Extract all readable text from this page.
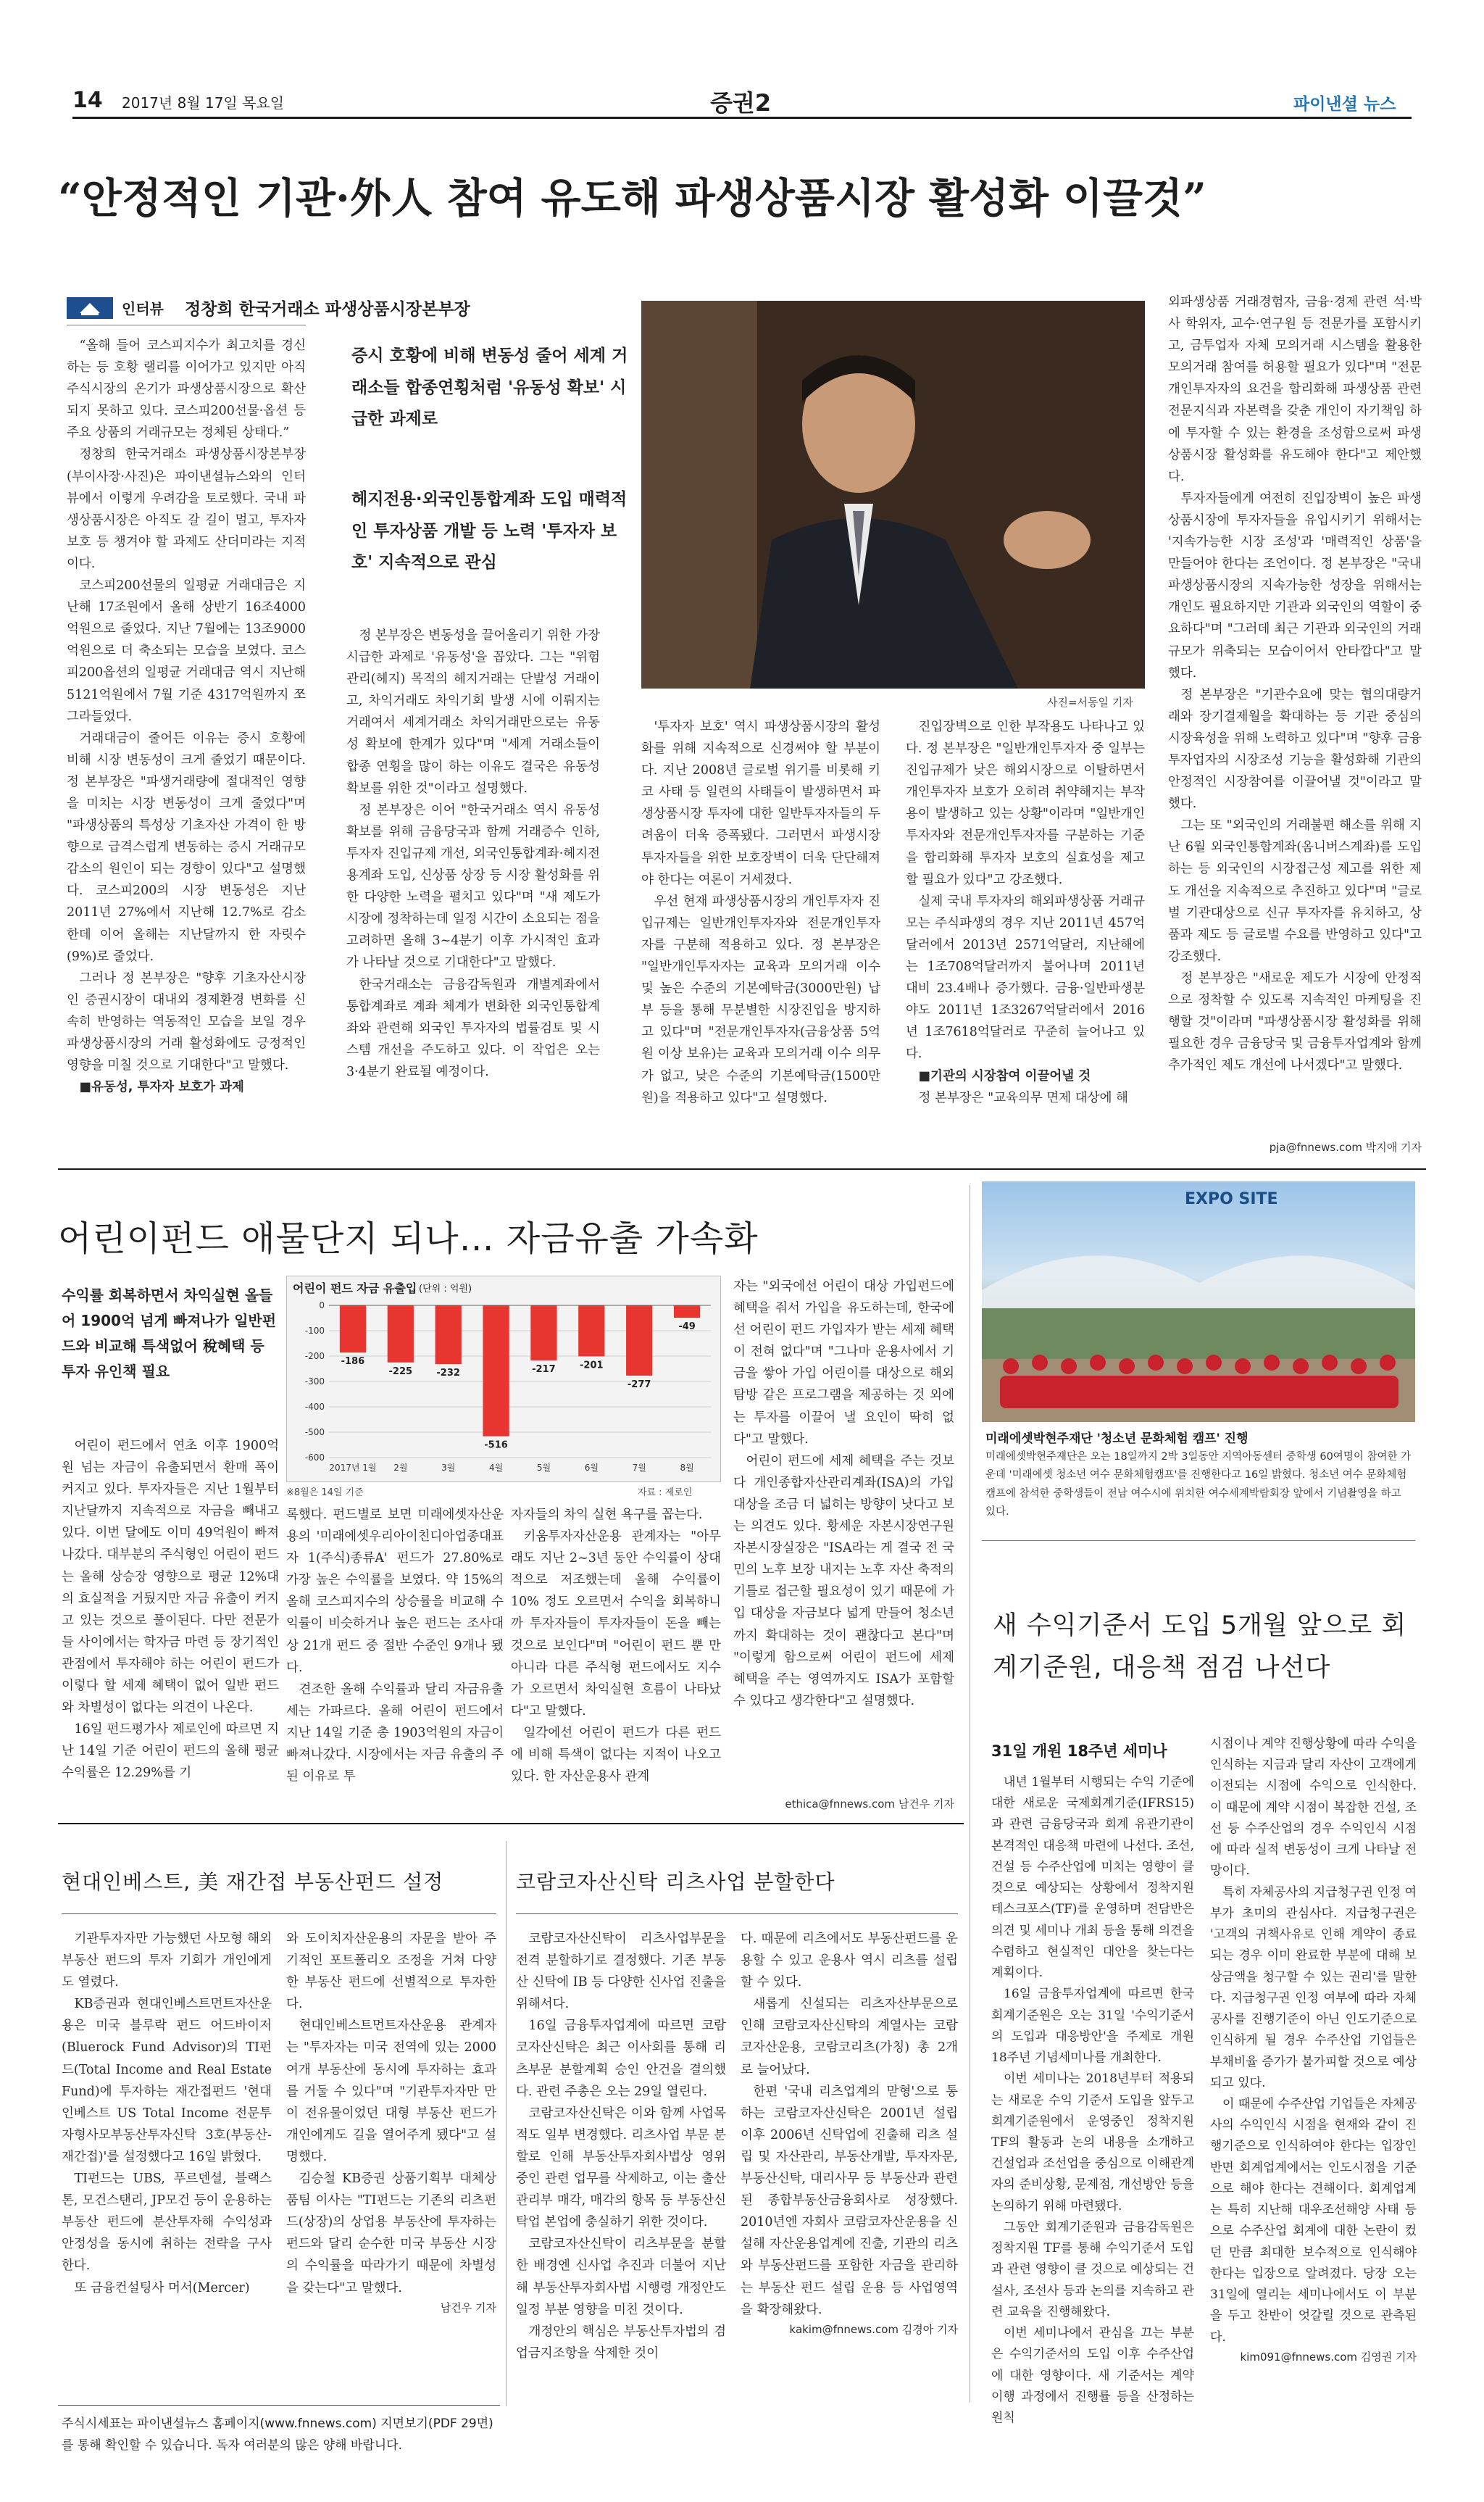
14 2017년 8월 17일 목요일	증권2	파이낸셜 뉴스
“안정적인 기관·外人 참여 유도해 파생상품시장 활성화 이끌것”
인터뷰 정창희 한국거래소 파생상품시장본부장

“올해 들어 코스피지수가 최고치를 경신하는 등 호황 랠리를 이어가고 있지만 아직 주식시장의 온기가 파생상품시장으로 확산되지 못하고 있다. 코스피200선물·옵션 등 주요 상품의 거래규모는 정체된 상태다.”

정창희 한국거래소 파생상품시장본부장(부이사장·사진)은 파이낸셜뉴스와의 인터뷰에서 이렇게 우려감을 토로했다. 국내 파생상품시장은 아직도 갈 길이 멀고, 투자자 보호 등 챙겨야 할 과제도 산더미라는 지적이다.

코스피200선물의 일평균 거래대금은 지난해 17조원에서 올해 상반기 16조4000억원으로 줄었다. 지난 7월에는 13조9000억원으로 더 축소되는 모습을 보였다. 코스피200옵션의 일평균 거래대금 역시 지난해 5121억원에서 7월 기준 4317억원까지 쪼그라들었다.

거래대금이 줄어든 이유는 증시 호황에 비해 시장 변동성이 크게 줄었기 때문이다. 정 본부장은 "파생거래량에 절대적인 영향을 미치는 시장 변동성이 크게 줄었다"며 "파생상품의 특성상 기초자산 가격이 한 방향으로 급격스럽게 변동하는 증시 거래규모 감소의 원인이 되는 경향이 있다"고 설명했다. 코스피200의 시장 변동성은 지난 2011년 27%에서 지난해 12.7%로 감소한데 이어 올해는 지난달까지 한 자릿수(9%)로 줄었다.

그러나 정 본부장은 "향후 기초자산시장인 증권시장이 대내외 경제환경 변화를 신속히 반영하는 역동적인 모습을 보일 경우 파생상품시장의 거래 활성화에도 긍정적인 영향을 미칠 것으로 기대한다"고 말했다.

■유동성, 투자자 보호가 과제

증시 호황에 비해 변동성 줄어 세계 거래소들 합종연횡처럼 '유동성 확보' 시급한 과제로
헤지전용·외국인통합계좌 도입 매력적인 투자상품 개발 등 노력 '투자자 보호' 지속적으로 관심

정 본부장은 변동성을 끌어올리기 위한 가장 시급한 과제로 '유동성'을 꼽았다. 그는 "위험관리(헤지) 목적의 헤지거래는 단발성 거래이고, 차익거래도 차익기회 발생 시에 이뤄지는 거래여서 세계거래소 차익거래만으로는 유동성 확보에 한계가 있다"며 "세계 거래소들이 합종 연횡을 많이 하는 이유도 결국은 유동성 확보를 위한 것"이라고 설명했다.

정 본부장은 이어 "한국거래소 역시 유동성 확보를 위해 금융당국과 함께 거래증수 인하, 투자자 진입규제 개선, 외국인통합계좌·헤지전용계좌 도입, 신상품 상장 등 시장 활성화를 위한 다양한 노력을 펼치고 있다"며 "새 제도가 시장에 정착하는데 일정 시간이 소요되는 점을 고려하면 올해 3~4분기 이후 가시적인 효과가 나타날 것으로 기대한다"고 말했다.

한국거래소는 금융감독원과 개별계좌에서 통합계좌로 계좌 체계가 변화한 외국인통합계좌와 관련해 외국인 투자자의 법률검토 및 시스템 개선을 주도하고 있다. 이 작업은 오는 3·4분기 완료될 예정이다.

사진=서동일 기자

'투자자 보호' 역시 파생상품시장의 활성화를 위해 지속적으로 신경써야 할 부분이다. 지난 2008년 글로벌 위기를 비롯해 키코 사태 등 일련의 사태들이 발생하면서 파생상품시장 투자에 대한 일반투자자들의 두려움이 더욱 증폭됐다. 그러면서 파생시장 투자자들을 위한 보호장벽이 더욱 단단해져야 한다는 여론이 거세졌다.

우선 현재 파생상품시장의 개인투자자 진입규제는 일반개인투자자와 전문개인투자자를 구분해 적용하고 있다. 정 본부장은 "일반개인투자자는 교육과 모의거래 이수 및 높은 수준의 기본예탁금(3000만원) 납부 등을 통해 무분별한 시장진입을 방지하고 있다"며 "전문개인투자자(금융상품 5억원 이상 보유)는 교육과 모의거래 이수 의무가 없고, 낮은 수준의 기본예탁금(1500만원)을 적용하고 있다"고 설명했다.

진입장벽으로 인한 부작용도 나타나고 있다. 정 본부장은 "일반개인투자자 중 일부는 진입규제가 낮은 해외시장으로 이탈하면서 개인투자자 보호가 오히려 취약해지는 부작용이 발생하고 있는 상황"이라며 "일반개인투자자와 전문개인투자자를 구분하는 기준을 합리화해 투자자 보호의 실효성을 제고할 필요가 있다"고 강조했다.

실제 국내 투자자의 해외파생상품 거래규모는 주식파생의 경우 지난 2011년 457억달러에서 2013년 2571억달러, 지난해에는 1조708억달러까지 불어나며 2011년 대비 23.4배나 증가했다. 금융·일반파생분야도 2011년 1조3267억달러에서 2016년 1조7618억달러로 꾸준히 늘어나고 있다.

■기관의 시장참여 이끌어낼 것

정 본부장은 "교육의무 면제 대상에 해

외파생상품 거래경험자, 금융·경제 관련 석·박사 학위자, 교수·연구원 등 전문가를 포함시키고, 금투업자 자체 모의거래 시스템을 활용한 모의거래 참여를 허용할 필요가 있다"며 "전문개인투자자의 요건을 합리화해 파생상품 관련 전문지식과 자본력을 갖춘 개인이 자기책임 하에 투자할 수 있는 환경을 조성함으로써 파생상품시장 활성화를 유도해야 한다"고 제안했다.

투자자들에게 여전히 진입장벽이 높은 파생상품시장에 투자자들을 유입시키기 위해서는 '지속가능한 시장 조성'과 '매력적인 상품'을 만들어야 한다는 조언이다. 정 본부장은 "국내 파생상품시장의 지속가능한 성장을 위해서는 개인도 필요하지만 기관과 외국인의 역할이 중요하다"며 "그러데 최근 기관과 외국인의 거래규모가 위축되는 모습이어서 안타깝다"고 말했다.

정 본부장은 "기관수요에 맞는 협의대량거래와 장기결제월을 확대하는 등 기관 중심의 시장육성을 위해 노력하고 있다"며 "향후 금융투자업자의 시장조성 기능을 활성화해 기관의 안정적인 시장참여를 이끌어낼 것"이라고 말했다.

그는 또 "외국인의 거래불편 해소를 위해 지난 6월 외국인통합계좌(옴니버스계좌)를 도입하는 등 외국인의 시장접근성 제고를 위한 제도 개선을 지속적으로 추진하고 있다"며 "글로벌 기관대상으로 신규 투자자를 유치하고, 상품과 제도 등 글로벌 수요를 반영하고 있다"고 강조했다.

정 본부장은 "새로운 제도가 시장에 안정적으로 정착할 수 있도록 지속적인 마케팅을 진행할 것"이라며 "파생상품시장 활성화를 위해 필요한 경우 금융당국 및 금융투자업계와 함께 추가적인 제도 개선에 나서겠다"고 말했다.

pja@fnnews.com 박지애 기자
어린이펀드 애물단지 되나… 자금유출 가속화
수익률 회복하면서 차익실현 올들어 1900억 넘게 빠져나가 일반펀드와 비교해 특색없어 稅혜택 등 투자 유인책 필요
어린이 펀드 자금 유출입 (단위 : 억원)
0
-100
-200
-300
-400
-500
-600
-186
2017년 1월
-225
2월
-232
3월
-516
4월
-217
5월
-201
6월
-277
7월
-49
8월
※8월은 14일 기준	자료 : 제로인

어린이 펀드에서 연초 이후 1900억원 넘는 자금이 유출되면서 환매 폭이 커지고 있다. 투자자들은 지난 1월부터 지난달까지 지속적으로 자금을 빼내고 있다. 이번 달에도 이미 49억원이 빠져나갔다. 대부분의 주식형인 어린이 펀드는 올해 상승장 영향으로 평균 12%대의 효실적을 거뒀지만 자금 유출이 커지고 있는 것으로 풀이된다. 다만 전문가들 사이에서는 학자금 마련 등 장기적인 관점에서 투자해야 하는 어린이 펀드가 이렇다 할 세제 혜택이 없어 일반 펀드와 차별성이 없다는 의견이 나온다.

16일 펀드평가사 제로인에 따르면 지난 14일 기준 어린이 펀드의 올해 평균 수익률은 12.29%를 기

록했다. 펀드별로 보면 미래에셋자산운용의 '미래에셋우리아이친디아업종대표자 1(주식)종류A' 펀드가 27.80%로 가장 높은 수익률을 보였다. 약 15%의 올해 코스피지수의 상승률을 비교해 수익률이 비슷하거나 높은 펀드는 조사대상 21개 펀드 중 절반 수준인 9개나 됐다.

견조한 올해 수익률과 달리 자금유출세는 가파르다. 올해 어린이 펀드에서 지난 14일 기준 총 1903억원의 자금이 빠져나갔다. 시장에서는 자금 유출의 주된 이유로 투

자자들의 차익 실현 욕구를 꼽는다.

키움투자자산운용 관계자는 "아무래도 지난 2~3년 동안 수익률이 상대적으로 저조했는데 올해 수익률이 10% 정도 오르면서 수익을 회복하니까 투자자들이 투자자들이 돈을 빼는 것으로 보인다"며 "어린이 펀드 뿐 만 아니라 다른 주식형 펀드에서도 지수가 오르면서 차익실현 흐름이 나타났다"고 말했다.

일각에선 어린이 펀드가 다른 펀드에 비해 특색이 없다는 지적이 나오고 있다. 한 자산운용사 관계

자는 "외국에선 어린이 대상 가입펀드에 혜택을 줘서 가입을 유도하는데, 한국에선 어린이 펀드 가입자가 받는 세제 혜택이 전혀 없다"며 "그나마 운용사에서 기금을 쌓아 가입 어린이를 대상으로 해외 탐방 같은 프로그램을 제공하는 것 외에는 투자를 이끌어 낼 요인이 딱히 없다"고 말했다.

어린이 펀드에 세제 혜택을 주는 것보다 개인종합자산관리계좌(ISA)의 가입 대상을 조금 더 넓히는 방향이 낫다고 보는 의견도 있다. 황세운 자본시장연구원 자본시장실장은 "ISA라는 게 결국 전 국민의 노후 보장 내지는 노후 자산 축적의 기틀로 접근할 필요성이 있기 때문에 가입 대상을 자금보다 넓게 만들어 청소년까지 확대하는 것이 괜찮다고 본다"며 "이렇게 함으로써 어린이 펀드에 세제 혜택을 주는 영역까지도 ISA가 포함할 수 있다고 생각한다"고 설명했다.

ethica@fnnews.com 남건우 기자
EXPO SITE
미래에셋박현주재단 '청소년 문화체험 캠프' 진행
미래에셋박현주재단은 오는 18일까지 2박 3일동안 지역아동센터 중학생 60여명이 참여한 가운데 '미래에셋 청소년 여수 문화체험캠프'를 진행한다고 16일 밝혔다. 청소년 여수 문화체험캠프에 참석한 중학생들이 전남 여수시에 위치한 여수세계박람회장 앞에서 기념촬영을 하고 있다.
새 수익기준서 도입 5개월 앞으로 회계기준원, 대응책 점검 나선다
31일 개원 18주년 세미나

내년 1월부터 시행되는 수익 기준에 대한 새로운 국제회계기준(IFRS15)과 관련 금융당국과 회계 유관기관이 본격적인 대응책 마련에 나선다. 조선, 건설 등 수주산업에 미치는 영향이 클 것으로 예상되는 상황에서 정착지원 테스크포스(TF)를 운영하며 전담반은 의견 및 세미나 개최 등을 통해 의견을 수렴하고 현실적인 대안을 찾는다는 계획이다.

16일 금융투자업계에 따르면 한국회계기준원은 오는 31일 '수익기준서의 도입과 대응방안'을 주제로 개원 18주년 기념세미나를 개최한다.

이번 세미나는 2018년부터 적용되는 새로운 수익 기준서 도입을 앞두고 회계기준원에서 운영중인 정착지원 TF의 활동과 논의 내용을 소개하고 건설업과 조선업을 중심으로 이해관계자의 준비상황, 문제점, 개선방안 등을 논의하기 위해 마련됐다.

그동안 회계기준원과 금융감독원은 정착지원 TF를 통해 수익기준서 도입과 관련 영향이 클 것으로 예상되는 건설사, 조선사 등과 논의를 지속하고 관련 교육을 진행해왔다.

이번 세미나에서 관심을 끄는 부분은 수익기준서의 도입 이후 수주산업에 대한 영향이다. 새 기준서는 계약 이행 과정에서 진행률 등을 산정하는 원칙

시점이나 계약 진행상황에 따라 수익을 인식하는 지금과 달리 자산이 고객에게 이전되는 시점에 수익으로 인식한다. 이 때문에 계약 시점이 복잡한 건설, 조선 등 수주산업의 경우 수익인식 시점에 따라 실적 변동성이 크게 나타날 전망이다.

특히 자체공사의 지급청구권 인정 여부가 초미의 관심사다. 지급청구권은 '고객의 귀책사유로 인해 계약이 종료되는 경우 이미 완료한 부분에 대해 보상금액을 청구할 수 있는 권리'를 말한다. 지급청구권 인정 여부에 따라 자체공사를 진행기준이 아닌 인도기준으로 인식하게 될 경우 수주산업 기업들은 부채비율 증가가 불가피할 것으로 예상되고 있다.

이 때문에 수주산업 기업들은 자체공사의 수익인식 시점을 현재와 같이 진행기준으로 인식하여야 한다는 입장인 반면 회계업계에서는 인도시점을 기준으로 해야 한다는 견해이다. 회계업계는 특히 지난해 대우조선해양 사태 등으로 수주산업 회계에 대한 논란이 컸던 만큼 최대한 보수적으로 인식해야 한다는 입장으로 알려졌다. 당장 오는 31일에 열리는 세미나에서도 이 부분을 두고 찬반이 엇갈릴 것으로 관측된다.

kim091@fnnews.com 김영권 기자

현대인베스트, 美 재간접 부동산펀드 설정

기관투자자만 가능했던 사모형 해외부동산 펀드의 투자 기회가 개인에게도 열렸다.

KB증권과 현대인베스트먼트자산운용은 미국 블루락 펀드 어드바이저(Bluerock Fund Advisor)의 TI펀드(Total Income and Real Estate Fund)에 투자하는 재간접펀드 '현대인베스트 US Total Income 전문투자형사모부동산투자신탁 3호(부동산-재간접)'를 설정했다고 16일 밝혔다.

TI펀드는 UBS, 푸르덴셜, 블랙스톤, 모건스탠리, JP모건 등이 운용하는 부동산 펀드에 분산투자해 수익성과 안정성을 동시에 취하는 전략을 구사한다.

또 금융컨설팅사 머서(Mercer)

와 도이치자산운용의 자문을 받아 주기적인 포트폴리오 조정을 거쳐 다양한 부동산 펀드에 선별적으로 투자한다.

현대인베스트먼트자산운용 관계자는 "투자자는 미국 전역에 있는 2000여개 부동산에 동시에 투자하는 효과를 거둘 수 있다"며 "기관투자자만 만이 전유물이었던 대형 부동산 펀드가 개인에게도 길을 열어주게 됐다"고 설명했다.

김승철 KB증권 상품기획부 대체상품팀 이사는 "TI펀드는 기존의 리츠펀드(상장)의 상업용 부동산에 투자하는 펀드와 달리 순수한 미국 부동산 시장의 수익률을 따라가기 때문에 차별성을 갖는다"고 말했다.

남건우 기자

코람코자산신탁 리츠사업 분할한다

코람코자산신탁이 리츠사업부문을 전격 분할하기로 결정했다. 기존 부동산 신탁에 IB 등 다양한 신사업 진출을 위해서다.

16일 금융투자업계에 따르면 코람코자산신탁은 최근 이사회를 통해 리츠부문 분할계획 승인 안건을 결의했다. 관련 주총은 오는 29일 열린다.

코람코자산신탁은 이와 함께 사업목적도 일부 변경했다. 리츠사업 부문 분할로 인해 부동산투자회사법상 영위 중인 관련 업무를 삭제하고, 이는 출산관리부 매각, 매각의 항목 등 부동산신탁업 본업에 충실하기 위한 것이다.

코람코자산신탁이 리츠부문을 분할한 배경엔 신사업 추진과 더불어 지난해 부동산투자회사법 시행령 개정안도 일정 부분 영향을 미친 것이다.

개정안의 핵심은 부동산투자법의 겸업금지조항을 삭제한 것이

다. 때문에 리츠에서도 부동산펀드를 운용할 수 있고 운용사 역시 리츠를 설립할 수 있다.

새롭게 신설되는 리츠자산부문으로 인해 코람코자산신탁의 계열사는 코람코자산운용, 코람코리츠(가칭) 총 2개로 늘어났다.

한편 '국내 리츠업계의 맏형'으로 통하는 코람코자산신탁은 2001년 설립 이후 2006년 신탁업에 진출해 리츠 설립 및 자산관리, 부동산개발, 투자자문, 부동산신탁, 대리사무 등 부동산과 관련된 종합부동산금융회사로 성장했다. 2010년엔 자회사 코람코자산운용을 신설해 자산운용업계에 진출, 기관의 리츠와 부동산펀드를 포함한 자금을 관리하는 부동산 펀드 설립 운용 등 사업영역을 확장해왔다.

kakim@fnnews.com 김경아 기자

주식시세표는 파이낸셜뉴스 홈페이지(www.fnnews.com) 지면보기(PDF 29면)를 통해 확인할 수 있습니다. 독자 여러분의 많은 양해 바랍니다.
